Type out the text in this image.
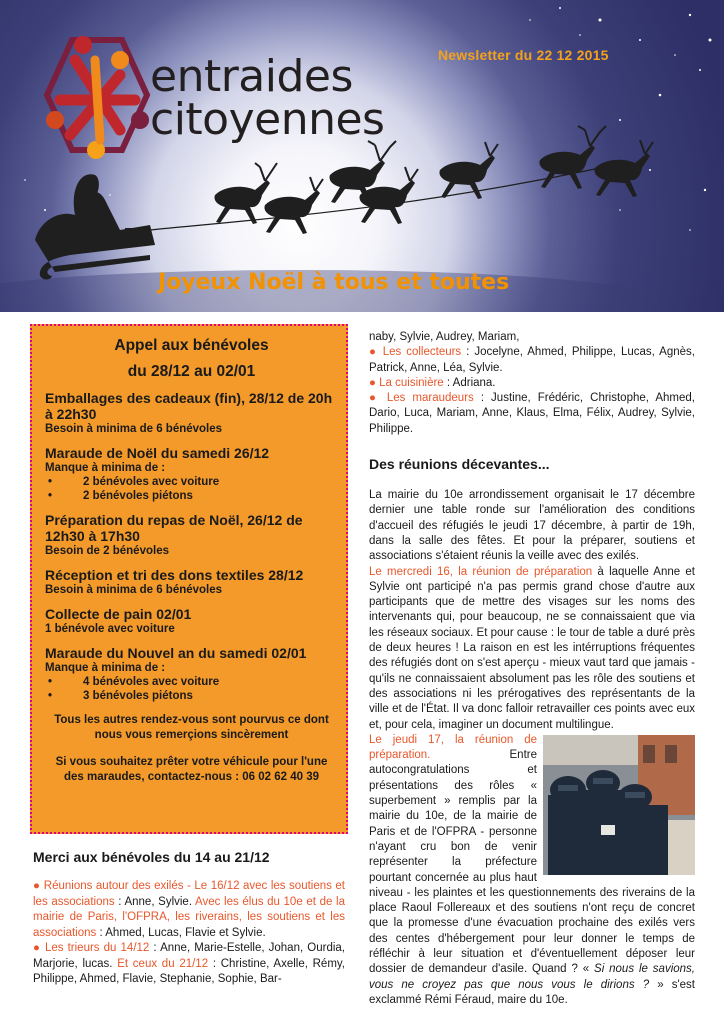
Newsletter du 22 12 2015
entraides
citoyennes
Joyeux Noël à tous et toutes

Appel aux bénévoles

du 28/12 au 02/01

Emballages des cadeaux (fin), 28/12 de 20h à 22h30

Besoin à minima de 6 bénévoles

Maraude de Noël du samedi 26/12

Manque à minima de :

• 2 bénévoles avec voiture
• 2 bénévoles piétons

Préparation du repas de Noël, 26/12 de 12h30 à 17h30

Besoin de 2 bénévoles

Réception et tri des dons textiles 28/12

Besoin à minima de 6 bénévoles

Collecte de pain 02/01

1 bénévole avec voiture

Maraude du Nouvel an du samedi 02/01

Manque à minima de :

• 4 bénévoles avec voiture
• 3 bénévoles piétons

Tous les autres rendez-vous sont pourvus ce dont nous vous remerçions sincèrement

Si vous souhaitez prêter votre véhicule pour l'une des maraudes, contactez-nous : 06 02 62 40 39

Merci aux bénévoles du 14 au 21/12

● Réunions autour des exilés - Le 16/12 avec les soutiens et les associations : Anne, Sylvie. Avec les élus du 10e et de la mairie de Paris, l'OFPRA, les riverains, les soutiens et les associations : Ahmed, Lucas, Flavie et Sylvie.

● Les trieurs du 14/12 : Anne, Marie-Estelle, Johan, Ourdia, Marjorie, lucas. Et ceux du 21/12 : Christine, Axelle, Rémy, Philippe, Ahmed, Flavie, Stephanie, Sophie, Bar-

naby, Sylvie, Audrey, Mariam,

● Les collecteurs : Jocelyne, Ahmed, Philippe, Lucas, Agnès, Patrick, Anne, Léa, Sylvie.

● La cuisinière : Adriana.

● Les maraudeurs : Justine, Frédéric, Christophe, Ahmed, Dario, Luca, Mariam, Anne, Klaus, Elma, Félix, Audrey, Sylvie, Philippe.

Des réunions décevantes...

La mairie du 10e arrondissement organisait le 17 décembre dernier une table ronde sur l'amélioration des conditions d'accueil des réfugiés le jeudi 17 décembre, à partir de 19h, dans la salle des fêtes. Et pour la préparer, soutiens et associations s'étaient réunis la veille avec des exilés.

Le mercredi 16, la réunion de préparation à laquelle Anne et Sylvie ont participé n'a pas permis grand chose d'autre aux participants que de mettre des visages sur les noms des intervenants qui, pour beaucoup, ne se connaissaient que via les réseaux sociaux. Et pour cause : le tour de table a duré près de deux heures ! La raison en est les intérruptions fréquentes des réfugiés dont on s'est aperçu - mieux vaut tard que jamais - qu'ils ne connaissaient absolument pas les rôle des soutiens et des associations ni les prérogatives des représentants de la ville et de l'État. Il va donc falloir retravailler ces points avec eux et, pour cela, imaginer un document multilingue.

Le jeudi 17, la réunion de préparation. Entre autocongratulations et présentations des rôles « superbement » remplis par la mairie du 10e, de la mairie de Paris et de l'OFPRA - personne n'ayant cru bon de venir représenter la préfecture pourtant concernée au plus haut niveau - les plaintes et les questionnements des riverains de la place Raoul Follereaux et des soutiens n'ont reçu de concret que la promesse d'une évacuation prochaine des exilés vers des centes d'hébergement pour leur donner le temps de réfléchir à leur situation et d'éventuellement déposer leur dossier de demandeur d'asile. Quand ? « Si nous le savions, vous ne croyez pas que nous vous le dirions ? » s'est exclammé Rémi Féraud, maire du 10e.
